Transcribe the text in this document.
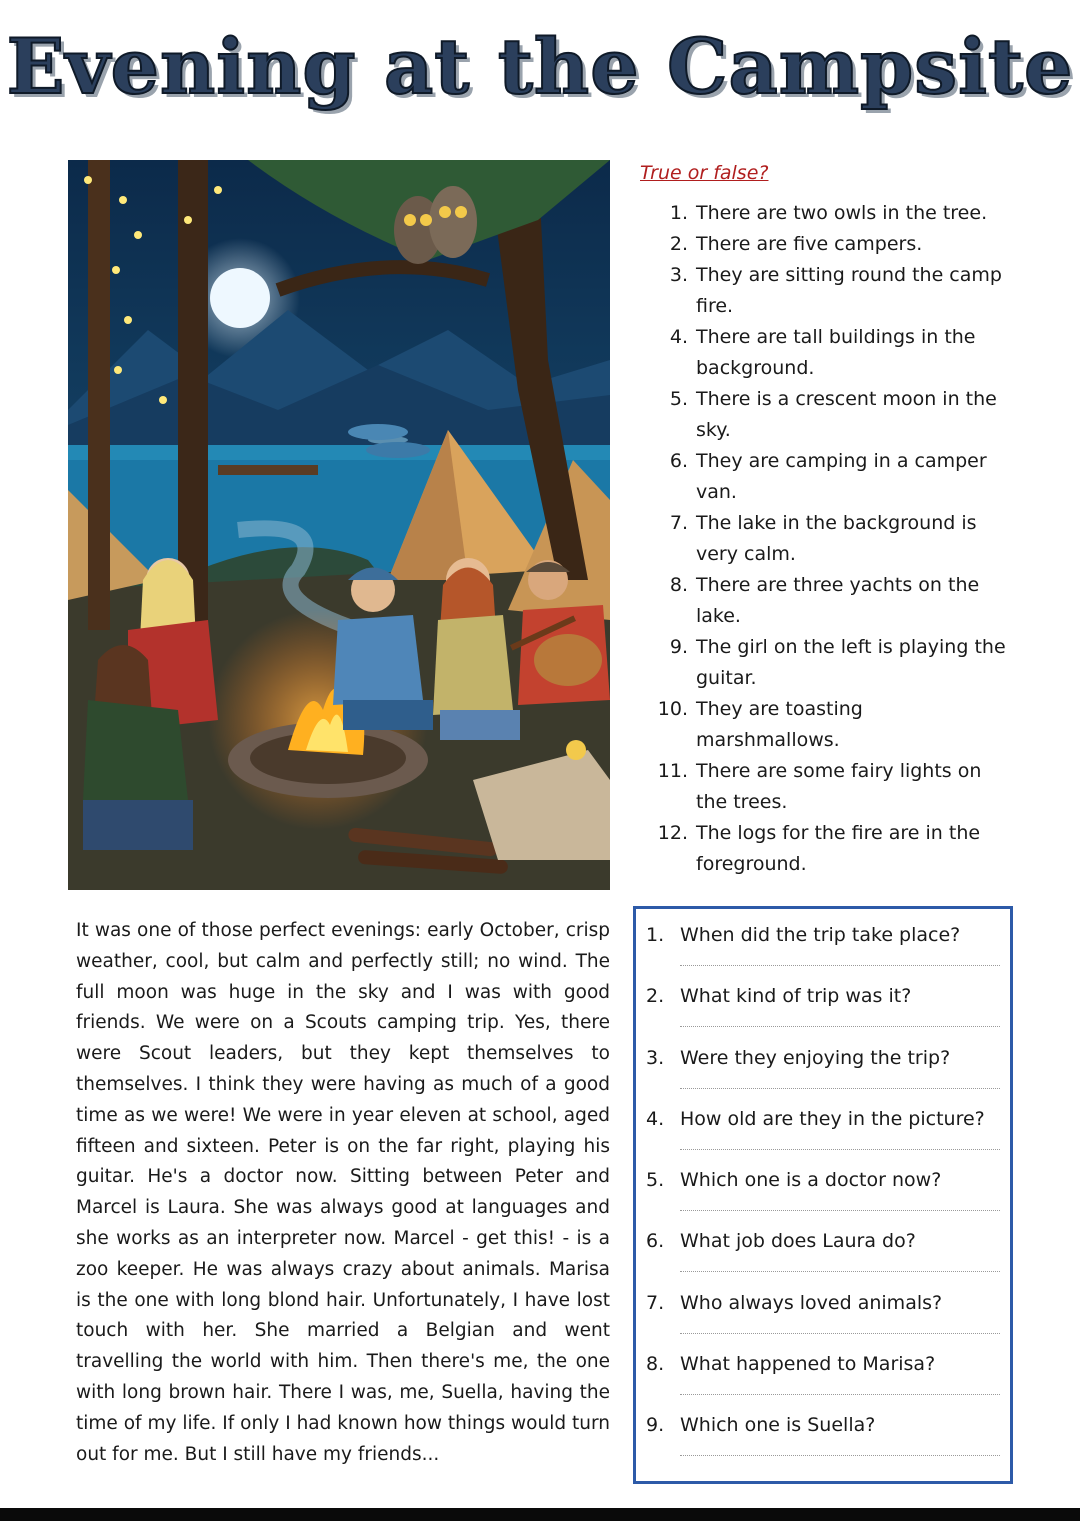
Evening at the Campsite
True or false?
1. There are two owls in the tree.
2. There are five campers.
3. They are sitting round the camp fire.
4. There are tall buildings in the background.
5. There is a crescent moon in the sky.
6. They are camping in a camper van.
7. The lake in the background is very calm.
8. There are three yachts on the lake.
9. The girl on the left is playing the guitar.
10. They are toasting marshmallows.
11. There are some fairy lights on the trees.
12. The logs for the fire are in the foreground.
It was one of those perfect evenings: early October, crisp weather, cool, but calm and perfectly still; no wind. The full moon was huge in the sky and I was with good friends. We were on a Scouts camping trip. Yes, there were Scout leaders, but they kept themselves to themselves. I think they were having as much of a good time as we were! We were in year eleven at school, aged fifteen and sixteen. Peter is on the far right, playing his guitar. He's a doctor now. Sitting between Peter and Marcel is Laura. She was always good at languages and she works as an interpreter now. Marcel - get this! - is a zoo keeper. He was always crazy about animals. Marisa is the one with long blond hair. Unfortunately, I have lost touch with her. She married a Belgian and went travelling the world with him. Then there's me, the one with long brown hair. There I was, me, Suella, having the time of my life. If only I had known how things would turn out for me. But I still have my friends...
1. When did the trip take place?
2. What kind of trip was it?
3. Were they enjoying the trip?
4. How old are they in the picture?
5. Which one is a doctor now?
6. What job does Laura do?
7. Who always loved animals?
8. What happened to Marisa?
9. Which one is Suella?
